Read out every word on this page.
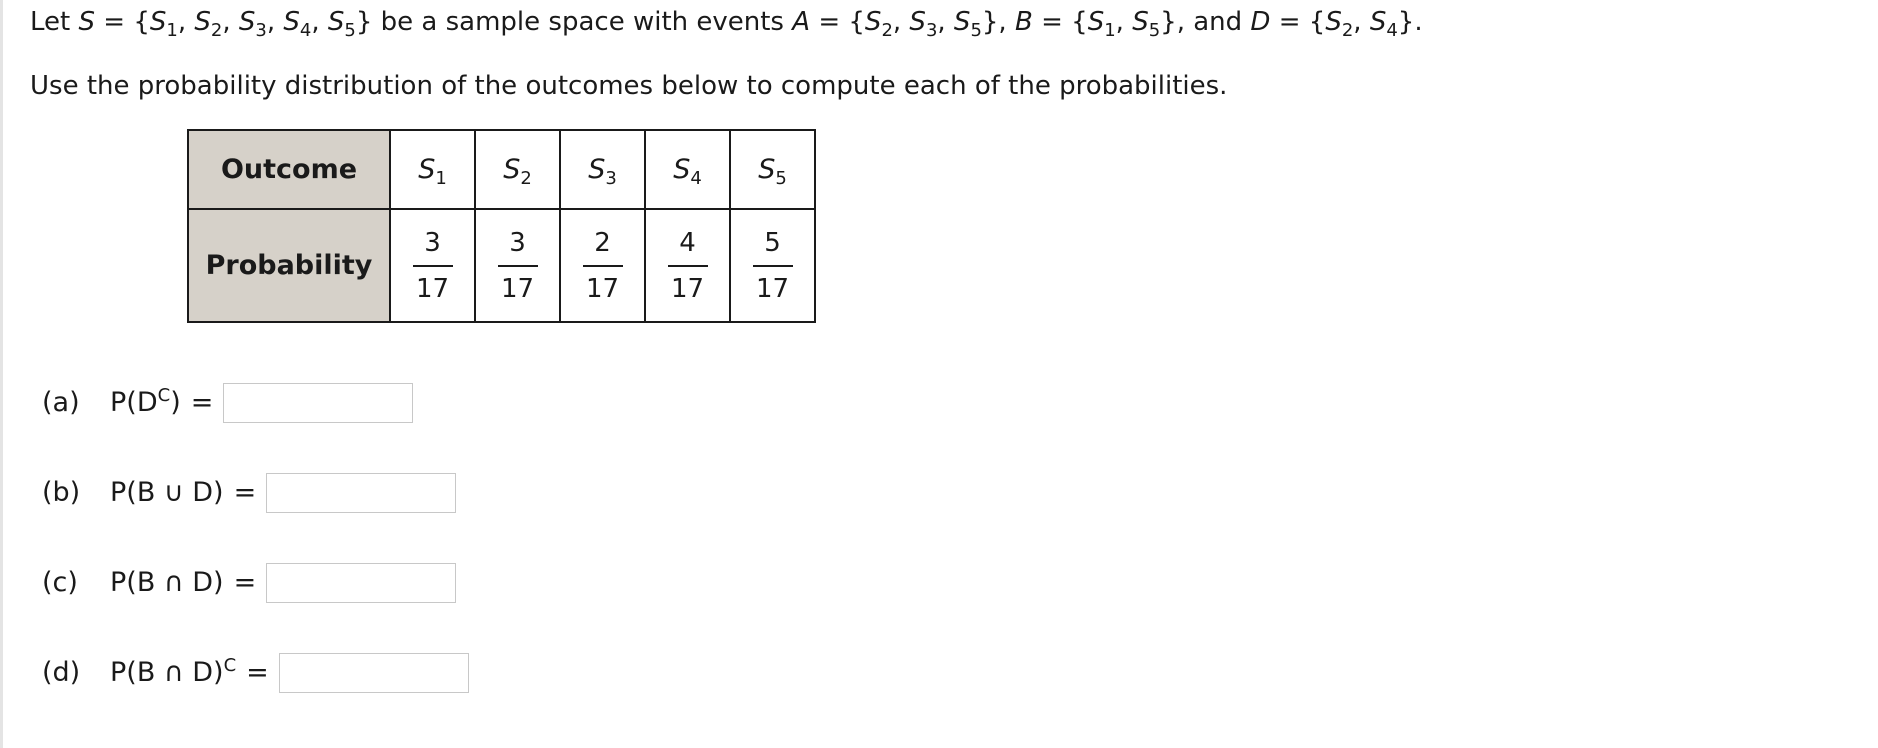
Let $S = \{S_1$, $S_2$, $S_3$, $S_4$, $S_5$} be a sample space with events $A = \{S_2$, $S_3$, $S_5$}, $B = \{S_1$, $S_5$}, and $D = \{S_2$, $S_4$}.
Use the probability distribution of the outcomes below to compute each of the probabilities.
Outcome	$S_1$	$S_2$	$S_3$	$S_4$	$S_5$
Probability	$\frac{3}{17}$	$\frac{3}{17}$	$\frac{2}{17}$	$\frac{4}{17}$	$\frac{5}{17}$
(a)	$P(D^C)$ =
(b)	P(B ∪ D) =
(c)	P(B ∩ D) =
(d)	P(B ∩ D)$^C$ =
